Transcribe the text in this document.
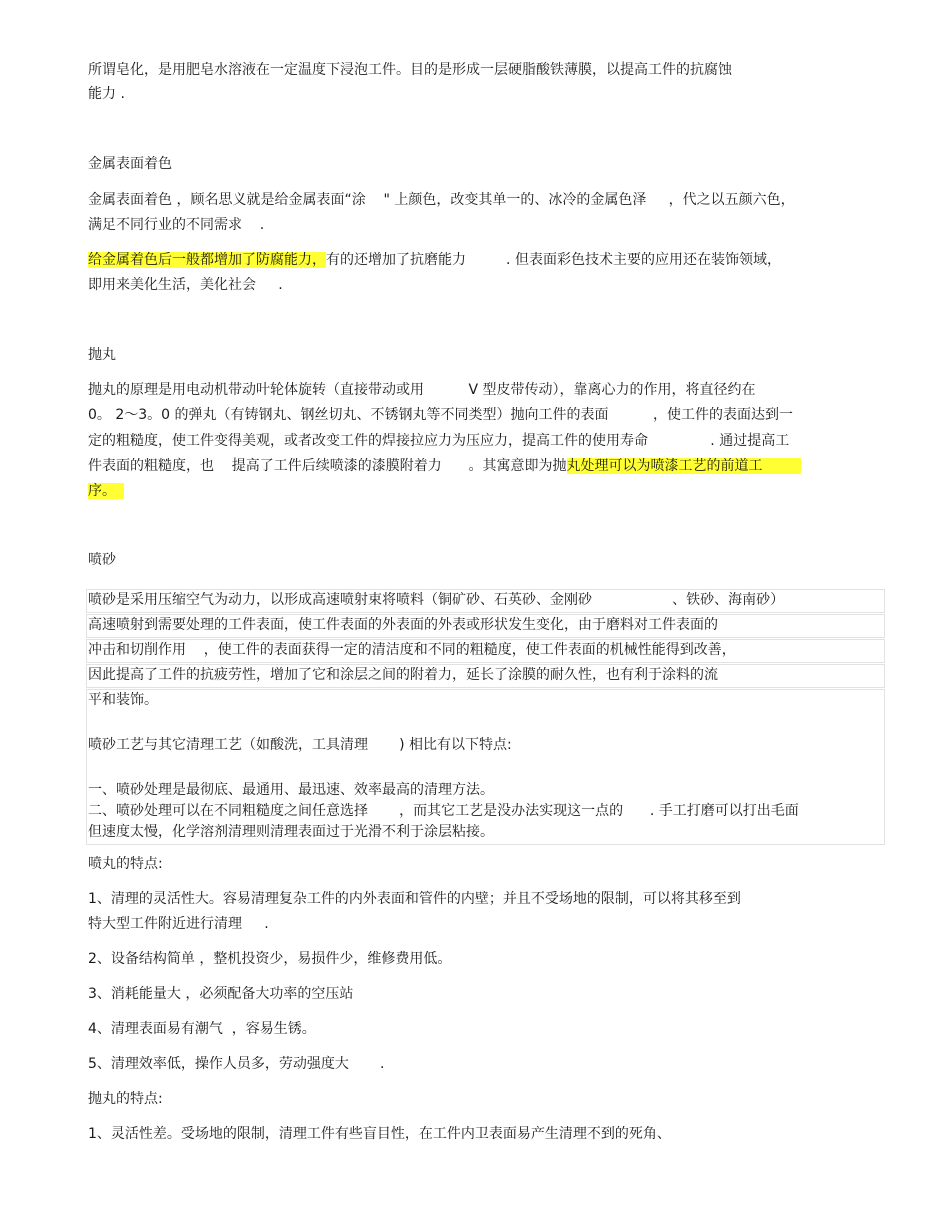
所谓皂化，是用肥皂水溶液在一定温度下浸泡工件。目的是形成一层硬脂酸铁薄膜，以提高工件的抗腐蚀
能力 .
金属表面着色
金属表面着色 ，顾名思义就是给金属表面“涂    " 上颜色，改变其单一的、冰冷的金属色泽     ，代之以五颜六色，
满足不同行业的不同需求    .
给金属着色后一般都增加了防腐能力，有的还增加了抗磨能力         . 但表面彩色技术主要的应用还在装饰领域，
即用来美化生活，美化社会     .
抛丸
抛丸的原理是用电动机带动叶轮体旋转（直接带动或用          V 型皮带传动），靠离心力的作用，将直径约在
0。 2～3。0 的弹丸（有铸钢丸、钢丝切丸、不锈钢丸等不同类型）抛向工件的表面          ，使工件的表面达到一
定的粗糙度，使工件变得美观，或者改变工件的焊接拉应力为压应力，提高工件的使用寿命              . 通过提高工
件表面的粗糙度，也    提高了工件后续喷漆的漆膜附着力      。其寓意即为抛丸处理可以为喷漆工艺的前道工
序。
喷砂
喷砂是采用压缩空气为动力，以形成高速喷射束将喷料（铜矿砂、石英砂、金刚砂                  、铁砂、海南砂）
高速喷射到需要处理的工件表面，使工件表面的外表面的外表或形状发生变化，由于磨料对工件表面的
冲击和切削作用    ，使工件的表面获得一定的清洁度和不同的粗糙度，使工件表面的机械性能得到改善，
因此提高了工件的抗疲劳性，增加了它和涂层之间的附着力，延长了涂膜的耐久性，也有利于涂料的流
平和装饰。
喷砂工艺与其它清理工艺（如酸洗，工具清理       ) 相比有以下特点:
一、喷砂处理是最彻底、最通用、最迅速、效率最高的清理方法。
二、喷砂处理可以在不同粗糙度之间任意选择       ，而其它工艺是没办法实现这一点的      . 手工打磨可以打出毛面
但速度太慢，化学溶剂清理则清理表面过于光滑不利于涂层粘接。
喷丸的特点:
1、清理的灵活性大。容易清理复杂工件的内外表面和管件的内壁；并且不受场地的限制，可以将其移至到
特大型工件附近进行清理     .
2、设备结构简单 ，整机投资少，易损件少，维修费用低。
3、消耗能量大 ，必须配备大功率的空压站
4、清理表面易有潮气  ，容易生锈。
5、清理效率低，操作人员多，劳动强度大       .
抛丸的特点:
1、灵活性差。受场地的限制，清理工件有些盲目性，在工件内卫表面易产生清理不到的死角、
